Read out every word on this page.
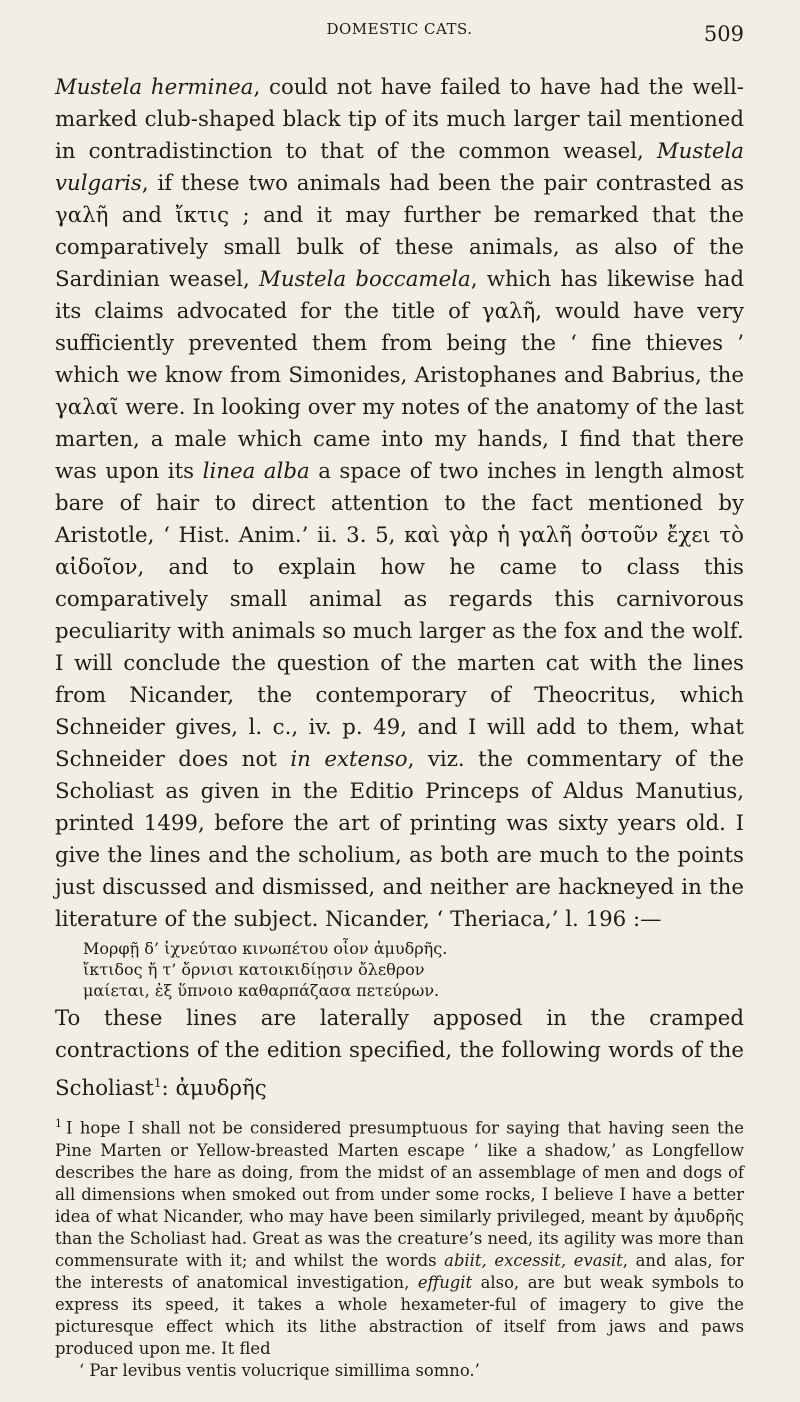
DOMESTIC CATS.	509

Mustela herminea, could not have failed to have had the well-marked club-shaped black tip of its much larger tail mentioned in contradistinction to that of the common weasel, Mustela vulgaris, if these two animals had been the pair contrasted as γαλῆ and ἴκτις ; and it may further be remarked that the comparatively small bulk of these animals, as also of the Sardinian weasel, Mustela boccamela, which has likewise had its claims advocated for the title of γαλῆ, would have very sufficiently prevented them from being the ‘ fine thieves ’ which we know from Simonides, Aristophanes and Babrius, the γαλαῖ were. In looking over my notes of the anatomy of the last marten, a male which came into my hands, I find that there was upon its linea alba a space of two inches in length almost bare of hair to direct attention to the fact mentioned by Aristotle, ‘ Hist. Anim.’ ii. 3. 5, καὶ γὰρ ἡ γαλῆ ὀστοῦν ἔχει τὸ αἰδοῖον, and to explain how he came to class this comparatively small animal as regards this carnivorous peculiarity with animals so much larger as the fox and the wolf.

I will conclude the question of the marten cat with the lines from Nicander, the contemporary of Theocritus, which Schneider gives, l. c., iv. p. 49, and I will add to them, what Schneider does not in extenso, viz. the commentary of the Scholiast as given in the Editio Princeps of Aldus Manutius, printed 1499, before the art of printing was sixty years old. I give the lines and the scholium, as both are much to the points just discussed and dismissed, and neither are hackneyed in the literature of the subject. Nicander, ‘ Theriaca,’ l. 196 :—

Μορφῇ δ’ ἰχνεύταο κινωπέτου οἷον ἀμυδρῆς.
ἴκτιδος ἤ τ’ ὄρνισι κατοικιδίῃσιν ὄλεθρον
μαίεται, ἐξ ὕπνοιο καθαρπάζασα πετεύρων.
To these lines are laterally apposed in the cramped contractions of the edition specified, the following words of the Scholiast$^1$: ἀμυδρῆς
$^1$ I hope I shall not be considered presumptuous for saying that having seen the Pine Marten or Yellow-breasted Marten escape ‘ like a shadow,’ as Longfellow describes the hare as doing, from the midst of an assemblage of men and dogs of all dimensions when smoked out from under some rocks, I believe I have a better idea of what Nicander, who may have been similarly privileged, meant by ἀμυδρῆς than the Scholiast had. Great as was the creature’s need, its agility was more than commensurate with it; and whilst the words abiit, excessit, evasit, and alas, for the interests of anatomical investigation, effugit also, are but weak symbols to express its speed, it takes a whole hexameter-ful of imagery to give the picturesque effect which its lithe abstraction of itself from jaws and paws produced upon me. It fled
‘ Par levibus ventis volucrique simillima somno.’
